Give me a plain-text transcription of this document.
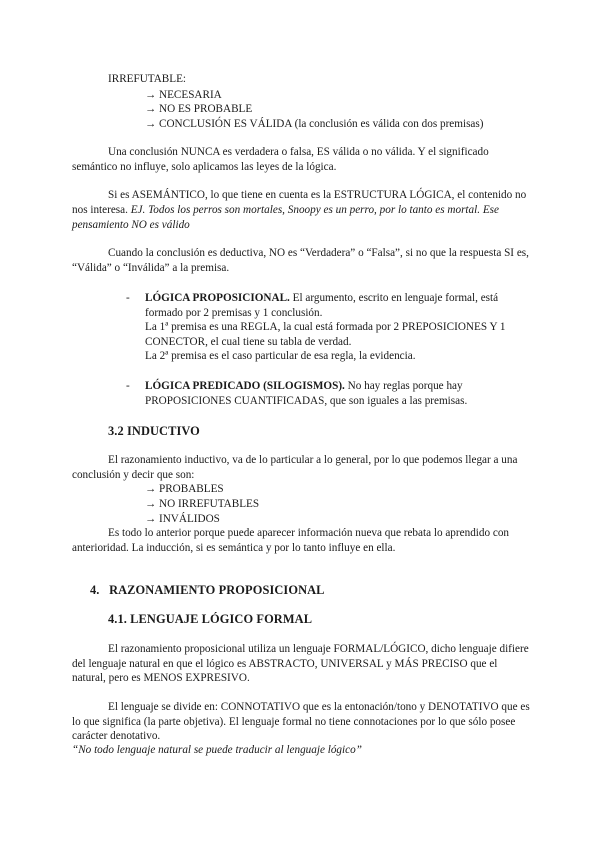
IRREFUTABLE:
→ NECESARIA
→ NO ES PROBABLE
→ CONCLUSIÓN ES VÁLIDA (la conclusión es válida con dos premisas)
Una conclusión NUNCA es verdadera o falsa, ES válida o no válida. Y el significado
semántico no influye, solo aplicamos las leyes de la lógica.
Si es ASEMÁNTICO, lo que tiene en cuenta es la ESTRUCTURA LÓGICA, el contenido no
nos interesa. EJ. Todos los perros son mortales, Snoopy es un perro, por lo tanto es mortal. Ese
pensamiento NO es válido
Cuando la conclusión es deductiva, NO es “Verdadera” o “Falsa”, si no que la respuesta SI es,
“Válida” o “Inválida” a la premisa.
- LÓGICA PROPOSICIONAL. El argumento, escrito en lenguaje formal, está
formado por 2 premisas y 1 conclusión.
La 1ª premisa es una REGLA, la cual está formada por 2 PREPOSICIONES Y 1
CONECTOR, el cual tiene su tabla de verdad.
La 2ª premisa es el caso particular de esa regla, la evidencia.
- LÓGICA PREDICADO (SILOGISMOS). No hay reglas porque hay
PROPOSICIONES CUANTIFICADAS, que son iguales a las premisas.
3.2 INDUCTIVO
El razonamiento inductivo, va de lo particular a lo general, por lo que podemos llegar a una
conclusión y decir que son:
→ PROBABLES
→ NO IRREFUTABLES
→ INVÁLIDOS
Es todo lo anterior porque puede aparecer información nueva que rebata lo aprendido con
anterioridad. La inducción, si es semántica y por lo tanto influye en ella.
4.   RAZONAMIENTO PROPOSICIONAL
4.1. LENGUAJE LÓGICO FORMAL
El razonamiento proposicional utiliza un lenguaje FORMAL/LÓGICO, dicho lenguaje difiere
del lenguaje natural en que el lógico es ABSTRACTO, UNIVERSAL y MÁS PRECISO que el
natural, pero es MENOS EXPRESIVO.
El lenguaje se divide en: CONNOTATIVO que es la entonación/tono y DENOTATIVO que es
lo que significa (la parte objetiva). El lenguaje formal no tiene connotaciones por lo que sólo posee
carácter denotativo.
“No todo lenguaje natural se puede traducir al lenguaje lógico”
